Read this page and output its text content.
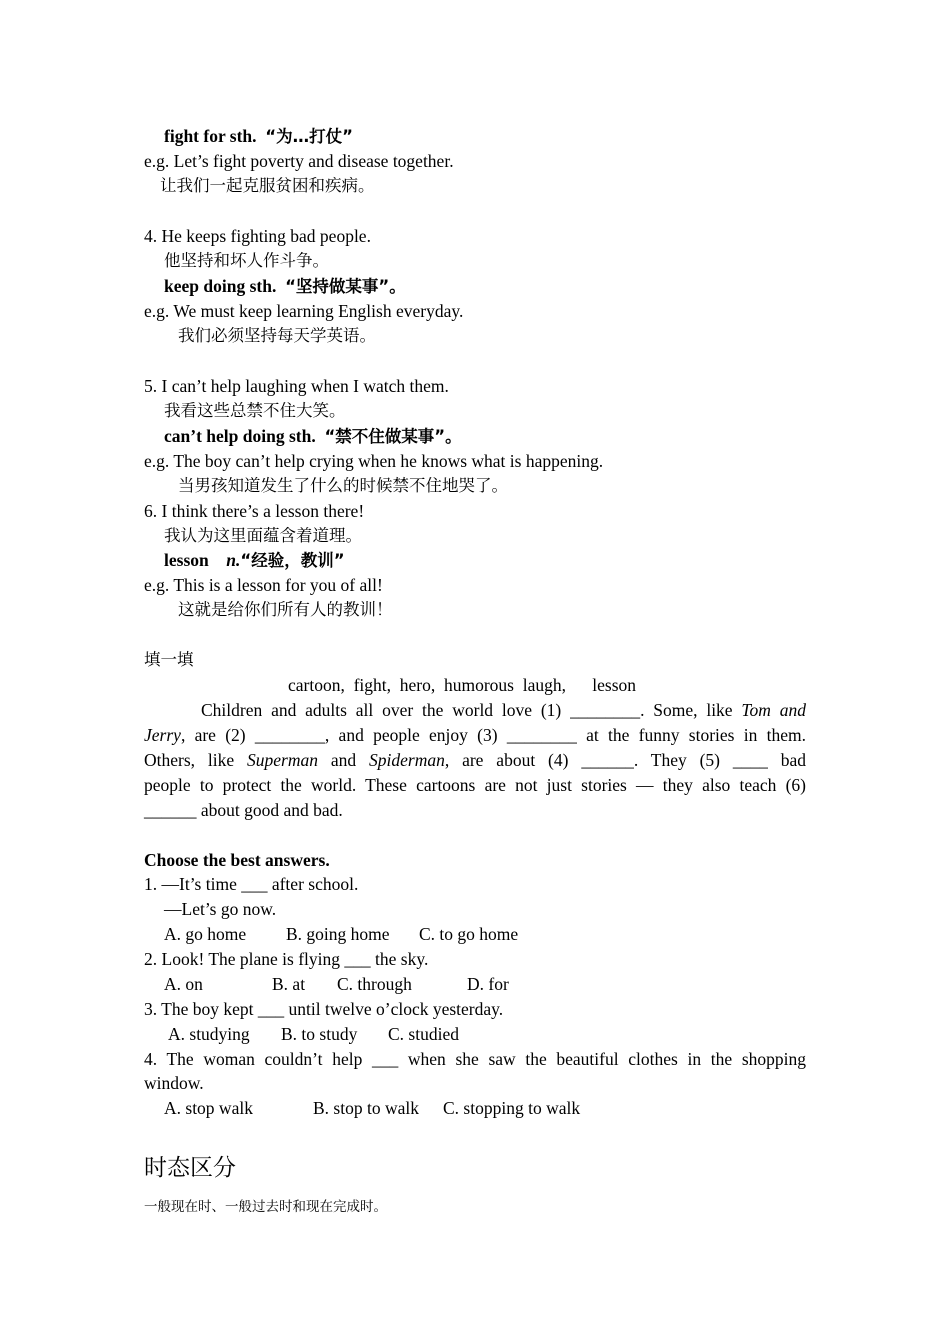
fight for sth. “为…打仗”
e.g. Let’s fight poverty and disease together.
让我们一起克服贫困和疾病。
4. He keeps fighting bad people.
他坚持和坏人作斗争。
keep doing sth. “坚持做某事”。
e.g. We must keep learning English everyday.
我们必须坚持每天学英语。
5. I can’t help laughing when I watch them.
我看这些总禁不住大笑。
can’t help doing sth. “禁不住做某事”。
e.g. The boy can’t help crying when he knows what is happening.
当男孩知道发生了什么的时候禁不住地哭了。
6. I think there’s a lesson there!
我认为这里面蕴含着道理。
lesson n.“经验，教训”
e.g. This is a lesson for you of all!
这就是给你们所有人的教训！
填一填
cartoon,  fight,  hero,  humorous  laugh,      lesson
Children and adults all over the world love (1) ________. Some, like Tom and
Jerry, are (2) ________, and people enjoy (3) ________ at the funny stories in them.
Others, like Superman and Spiderman, are about (4) ______. They (5) ____ bad
people to protect the world. These cartoons are not just stories — they also teach (6)
______ about good and bad.
Choose the best answers.
1. —It’s time ___ after school.
—Let’s go now.
A. go home B. going home C. to go home
2. Look! The plane is flying ___ the sky.
A. on	B. at C. through	D. for
3. The boy kept ___ until twelve o’clock yesterday.
A. studying B. to study C. studied
4. The woman couldn’t help ___ when she saw the beautiful clothes in the shopping
window.
A. stop walk	B. stop to walk C. stopping to walk
时态区分
一般现在时、一般过去时和现在完成时。
